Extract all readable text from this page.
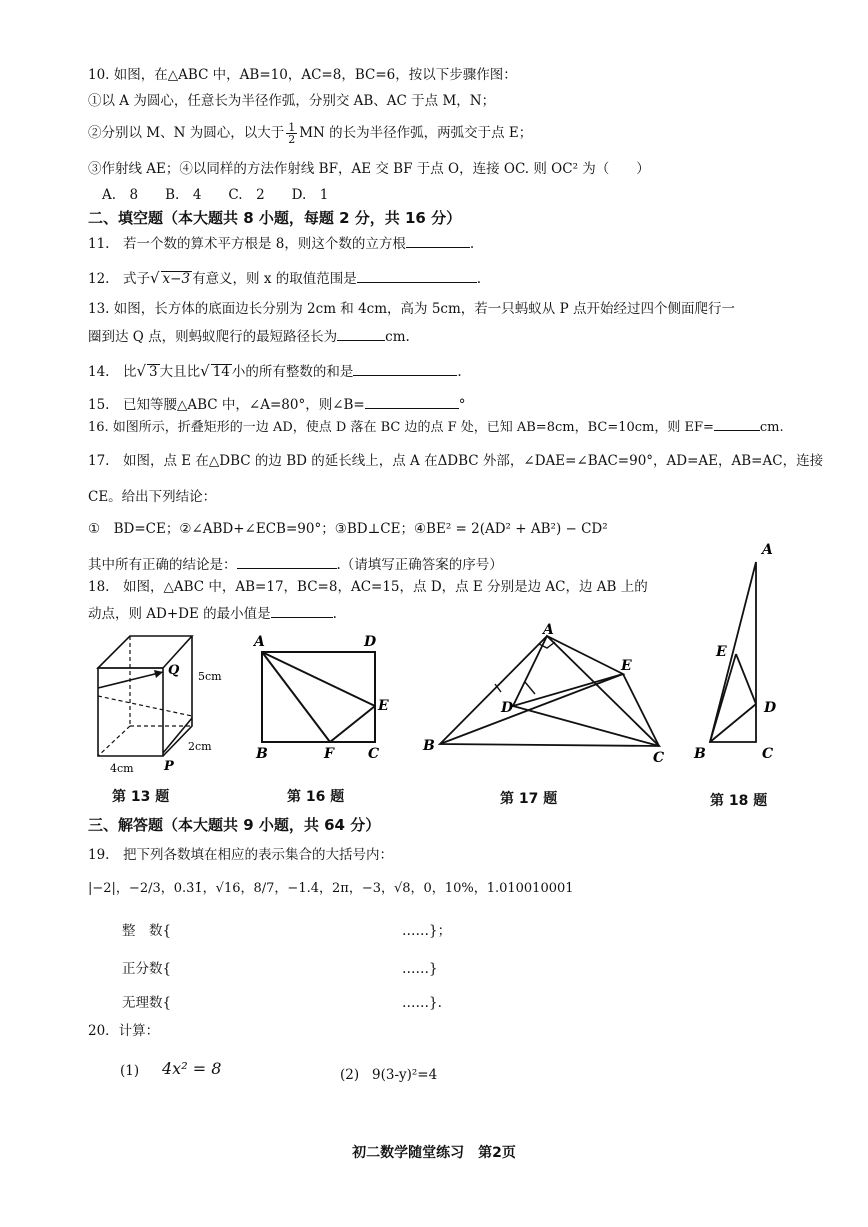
10. 如图，在△ABC 中，AB=10，AC=8，BC=6，按以下步骤作图：
①以 A 为圆心，任意长为半径作弧，分别交 AB、AC 于点 M，N；
②分别以 M、N 为圆心，以大于 $\frac{1}{2}$ MN 的长为半径作弧，两弧交于点 E；
③作射线 AE；④以同样的方法作射线 BF，AE 交 BF 于点 O，连接 OC. 则 OC² 为（　　）
A.　8　　B.　4　　C.　2　　D.　1
二、填空题（本大题共 8 小题，每题 2 分，共 16 分）
11.　若一个数的算术平方根是 8，则这个数的立方根	.
12.　式子√ x−3 有意义，则 x 的取值范围是	.
13. 如图，长方体的底面边长分别为 2cm 和 4cm，高为 5cm，若一只蚂蚁从 P 点开始经过四个侧面爬行一
圈到达 Q 点，则蚂蚁爬行的最短路径长为	cm.
14.　比√ 3 大且比√ 14 小的所有整数的和是	.
15.　已知等腰△ABC 中，∠A=80°，则∠B=	°
16. 如图所示，折叠矩形的一边 AD，使点 D 落在 BC 边的点 F 处，已知 AB=8cm，BC=10cm，则 EF=	cm.
17.　如图，点 E 在△DBC 的边 BD 的延长线上，点 A 在ΔDBC 外部，∠DAE=∠BAC=90°，AD=AE，AB=AC，连接
CE。给出下列结论：
①　BD=CE；②∠ABD+∠ECB=90°；③BD⊥CE；④BE² = 2(AD² + AB²) − CD²
其中所有正确的结论是：	.（请填写正确答案的序号）
18.　如图，△ABC 中，AB=17，BC=8，AC=15，点 D，点 E 分别是边 AC，边 AB 上的
动点，则 AD+DE 的最小值是	.
Q
P
5cm
2cm
4cm
第 13 题
A	D
E
B	F C
第 16 题
A
E
D
B
C
第 17 题
A
E
D
B	C
第 18 题
三、解答题（本大题共 9 小题，共 64 分）
19.　把下列各数填在相应的表示集合的大括号内：
|−2|，−2/3，0.3̇1̇，√16，8/7，−1.4，2π，−3，√8，0，10%，1.010010001
整　数{	……}；
正分数{	……}
无理数{	……}.
20．计算：
(1) 4x² = 8	(2) 9(3-y)²=4
初二数学随堂练习　第2页
